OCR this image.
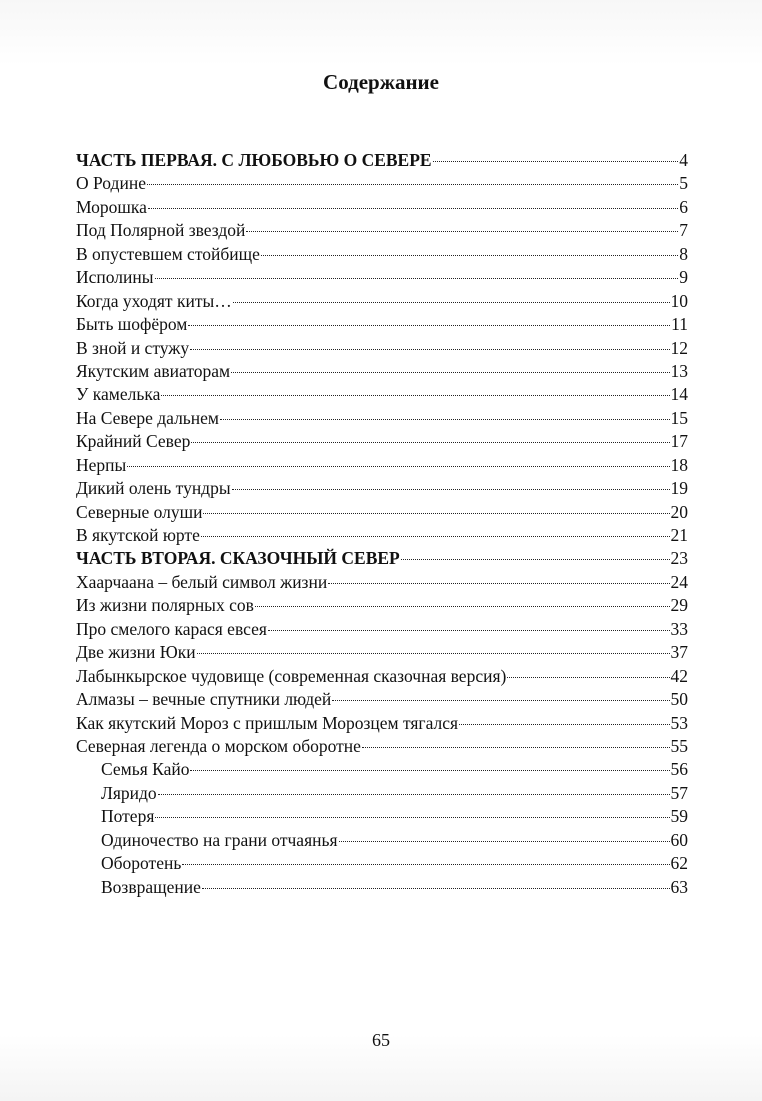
Содержание
ЧАСТЬ ПЕРВАЯ. С ЛЮБОВЬЮ О СЕВЕРЕ	4
О Родине	5
Морошка	6
Под Полярной звездой	7
В опустевшем стойбище	8
Исполины	9
Когда уходят киты…	10
Быть шофёром	11
В зной и стужу	12
Якутским авиаторам	13
У камелька	14
На Севере дальнем	15
Крайний Север	17
Нерпы	18
Дикий олень тундры	19
Северные олуши	20
В якутской юрте	21
ЧАСТЬ ВТОРАЯ. СКАЗОЧНЫЙ СЕВЕР	23
Хаарчаана ‒ белый символ жизни	24
Из жизни полярных сов	29
Про смелого карася евсея	33
Две жизни Юки	37
Лабынкырское чудовище (современная сказочная версия)	42
Алмазы – вечные спутники людей	50
Как якутский Мороз с пришлым Морозцем тягался	53
Северная легенда о морском оборотне	55
Семья Кайо	56
Ляридо	57
Потеря	59
Одиночество на грани отчаянья	60
Оборотень	62
Возвращение	63
65
